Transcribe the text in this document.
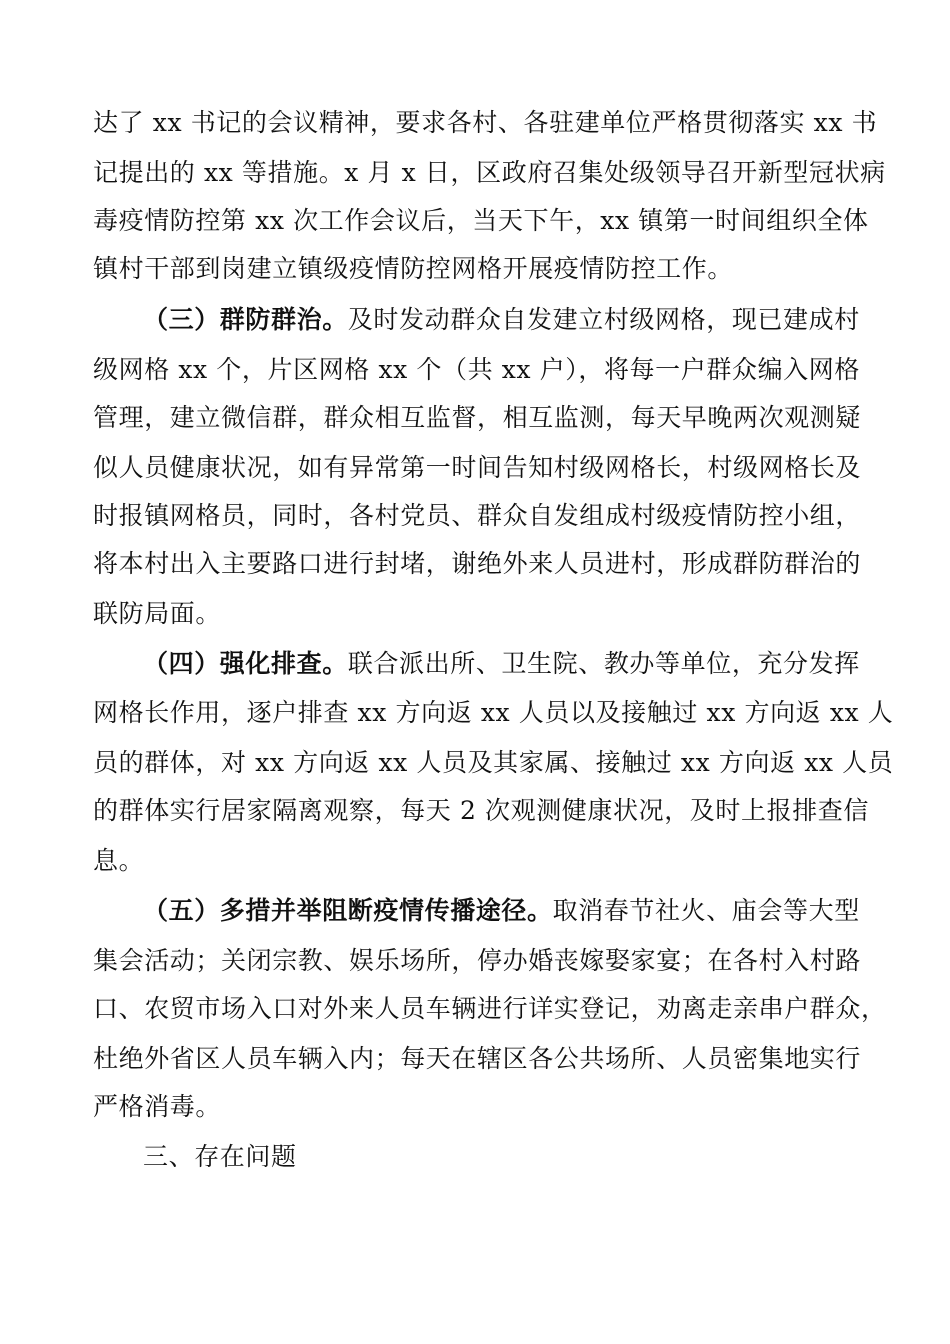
达了 xx 书记的会议精神，要求各村、各驻建单位严格贯彻落实 xx 书
记提出的 xx 等措施。x 月 x 日，区政府召集处级领导召开新型冠状病
毒疫情防控第 xx 次工作会议后，当天下午，xx 镇第一时间组织全体
镇村干部到岗建立镇级疫情防控网格开展疫情防控工作。
（三）群防群治。及时发动群众自发建立村级网格，现已建成村
级网格 xx 个，片区网格 xx 个（共 xx 户），将每一户群众编入网格
管理，建立微信群，群众相互监督，相互监测，每天早晚两次观测疑
似人员健康状况，如有异常第一时间告知村级网格长，村级网格长及
时报镇网格员，同时，各村党员、群众自发组成村级疫情防控小组，
将本村出入主要路口进行封堵，谢绝外来人员进村，形成群防群治的
联防局面。
（四）强化排查。联合派出所、卫生院、教办等单位，充分发挥
网格长作用，逐户排查 xx 方向返 xx 人员以及接触过 xx 方向返 xx 人
员的群体，对 xx 方向返 xx 人员及其家属、接触过 xx 方向返 xx 人员
的群体实行居家隔离观察，每天 2 次观测健康状况，及时上报排查信
息。
（五）多措并举阻断疫情传播途径。取消春节社火、庙会等大型
集会活动；关闭宗教、娱乐场所，停办婚丧嫁娶家宴；在各村入村路
口、农贸市场入口对外来人员车辆进行详实登记，劝离走亲串户群众，
杜绝外省区人员车辆入内；每天在辖区各公共场所、人员密集地实行
严格消毒。
三、存在问题
